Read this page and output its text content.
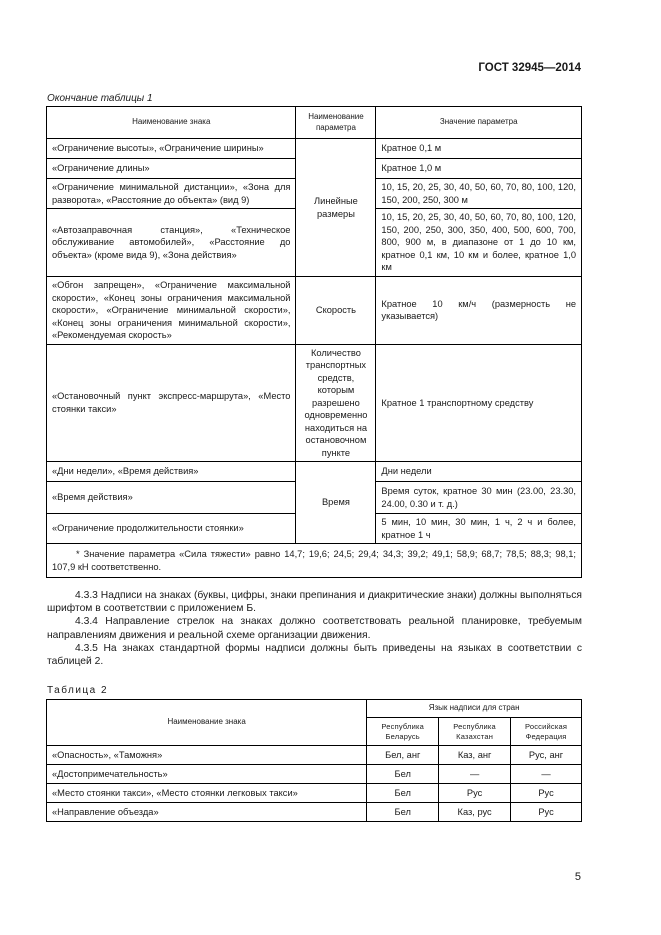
ГОСТ 32945—2014
Окончание таблицы 1
Наименование знака	Наименование параметра	Значение параметра
«Ограничение высоты», «Ограничение ширины»	Линейные размеры	Кратное 0,1 м
«Ограничение длины»		Кратное 1,0 м
«Ограничение минимальной дистанции», «Зона для разворота», «Расстояние до объекта» (вид 9)		10, 15, 20, 25, 30, 40, 50, 60, 70, 80, 100, 120, 150, 200, 250, 300 м
«Автозаправочная станция», «Техническое обслуживание автомобилей», «Расстояние до объекта» (кроме вида 9), «Зона действия»		10, 15, 20, 25, 30, 40, 50, 60, 70, 80, 100, 120, 150, 200, 250, 300, 350, 400, 500, 600, 700, 800, 900 м, в диапазоне от 1 до 10 км, кратное 0,1 км, 10 км и более, кратное 1,0 км
«Обгон запрещен», «Ограничение максимальной скорости», «Конец зоны ограничения максимальной скорости», «Ограничение минимальной скорости», «Конец зоны ограничения минимальной скорости», «Рекомендуемая скорость»	Скорость	Кратное 10 км/ч (размерность не указывается)
«Остановочный пункт экспресс-маршрута», «Место стоянки такси»	Количество транспортных средств, которым разрешено одновременно находиться на остановочном пункте	Кратное 1 транспортному средству
«Дни недели», «Время действия»	Время	Дни недели
«Время действия»		Время суток, кратное 30 мин (23.00, 23.30, 24.00, 0.30 и т. д.)
«Ограничение продолжительности стоянки»		5 мин, 10 мин, 30 мин, 1 ч, 2 ч и более, кратное 1 ч
* Значение параметра «Сила тяжести» равно 14,7; 19,6; 24,5; 29,4; 34,3; 39,2; 49,1; 58,9; 68,7; 78,5; 88,3; 98,1; 107,9 кН соответственно.		

4.3.3 Надписи на знаках (буквы, цифры, знаки препинания и диакритические знаки) должны выполняться шрифтом в соответствии с приложением Б.

4.3.4 Направление стрелок на знаках должно соответствовать реальной планировке, требуемым направлениям движения и реальной схеме организации движения.

4.3.5 На знаках стандартной формы надписи должны быть приведены на языках в соответствии с таблицей 2.

Таблица 2
Наименование знака	Язык надписи для стран		
	Республика Беларусь	Республика Казахстан	Российская Федерация
«Опасность», «Таможня»	Бел, анг	Каз, анг	Рус, анг
«Достопримечательность»	Бел	—	—
«Место стоянки такси», «Место стоянки легковых такси»	Бел	Рус	Рус
«Направление объезда»	Бел	Каз, рус	Рус
5
